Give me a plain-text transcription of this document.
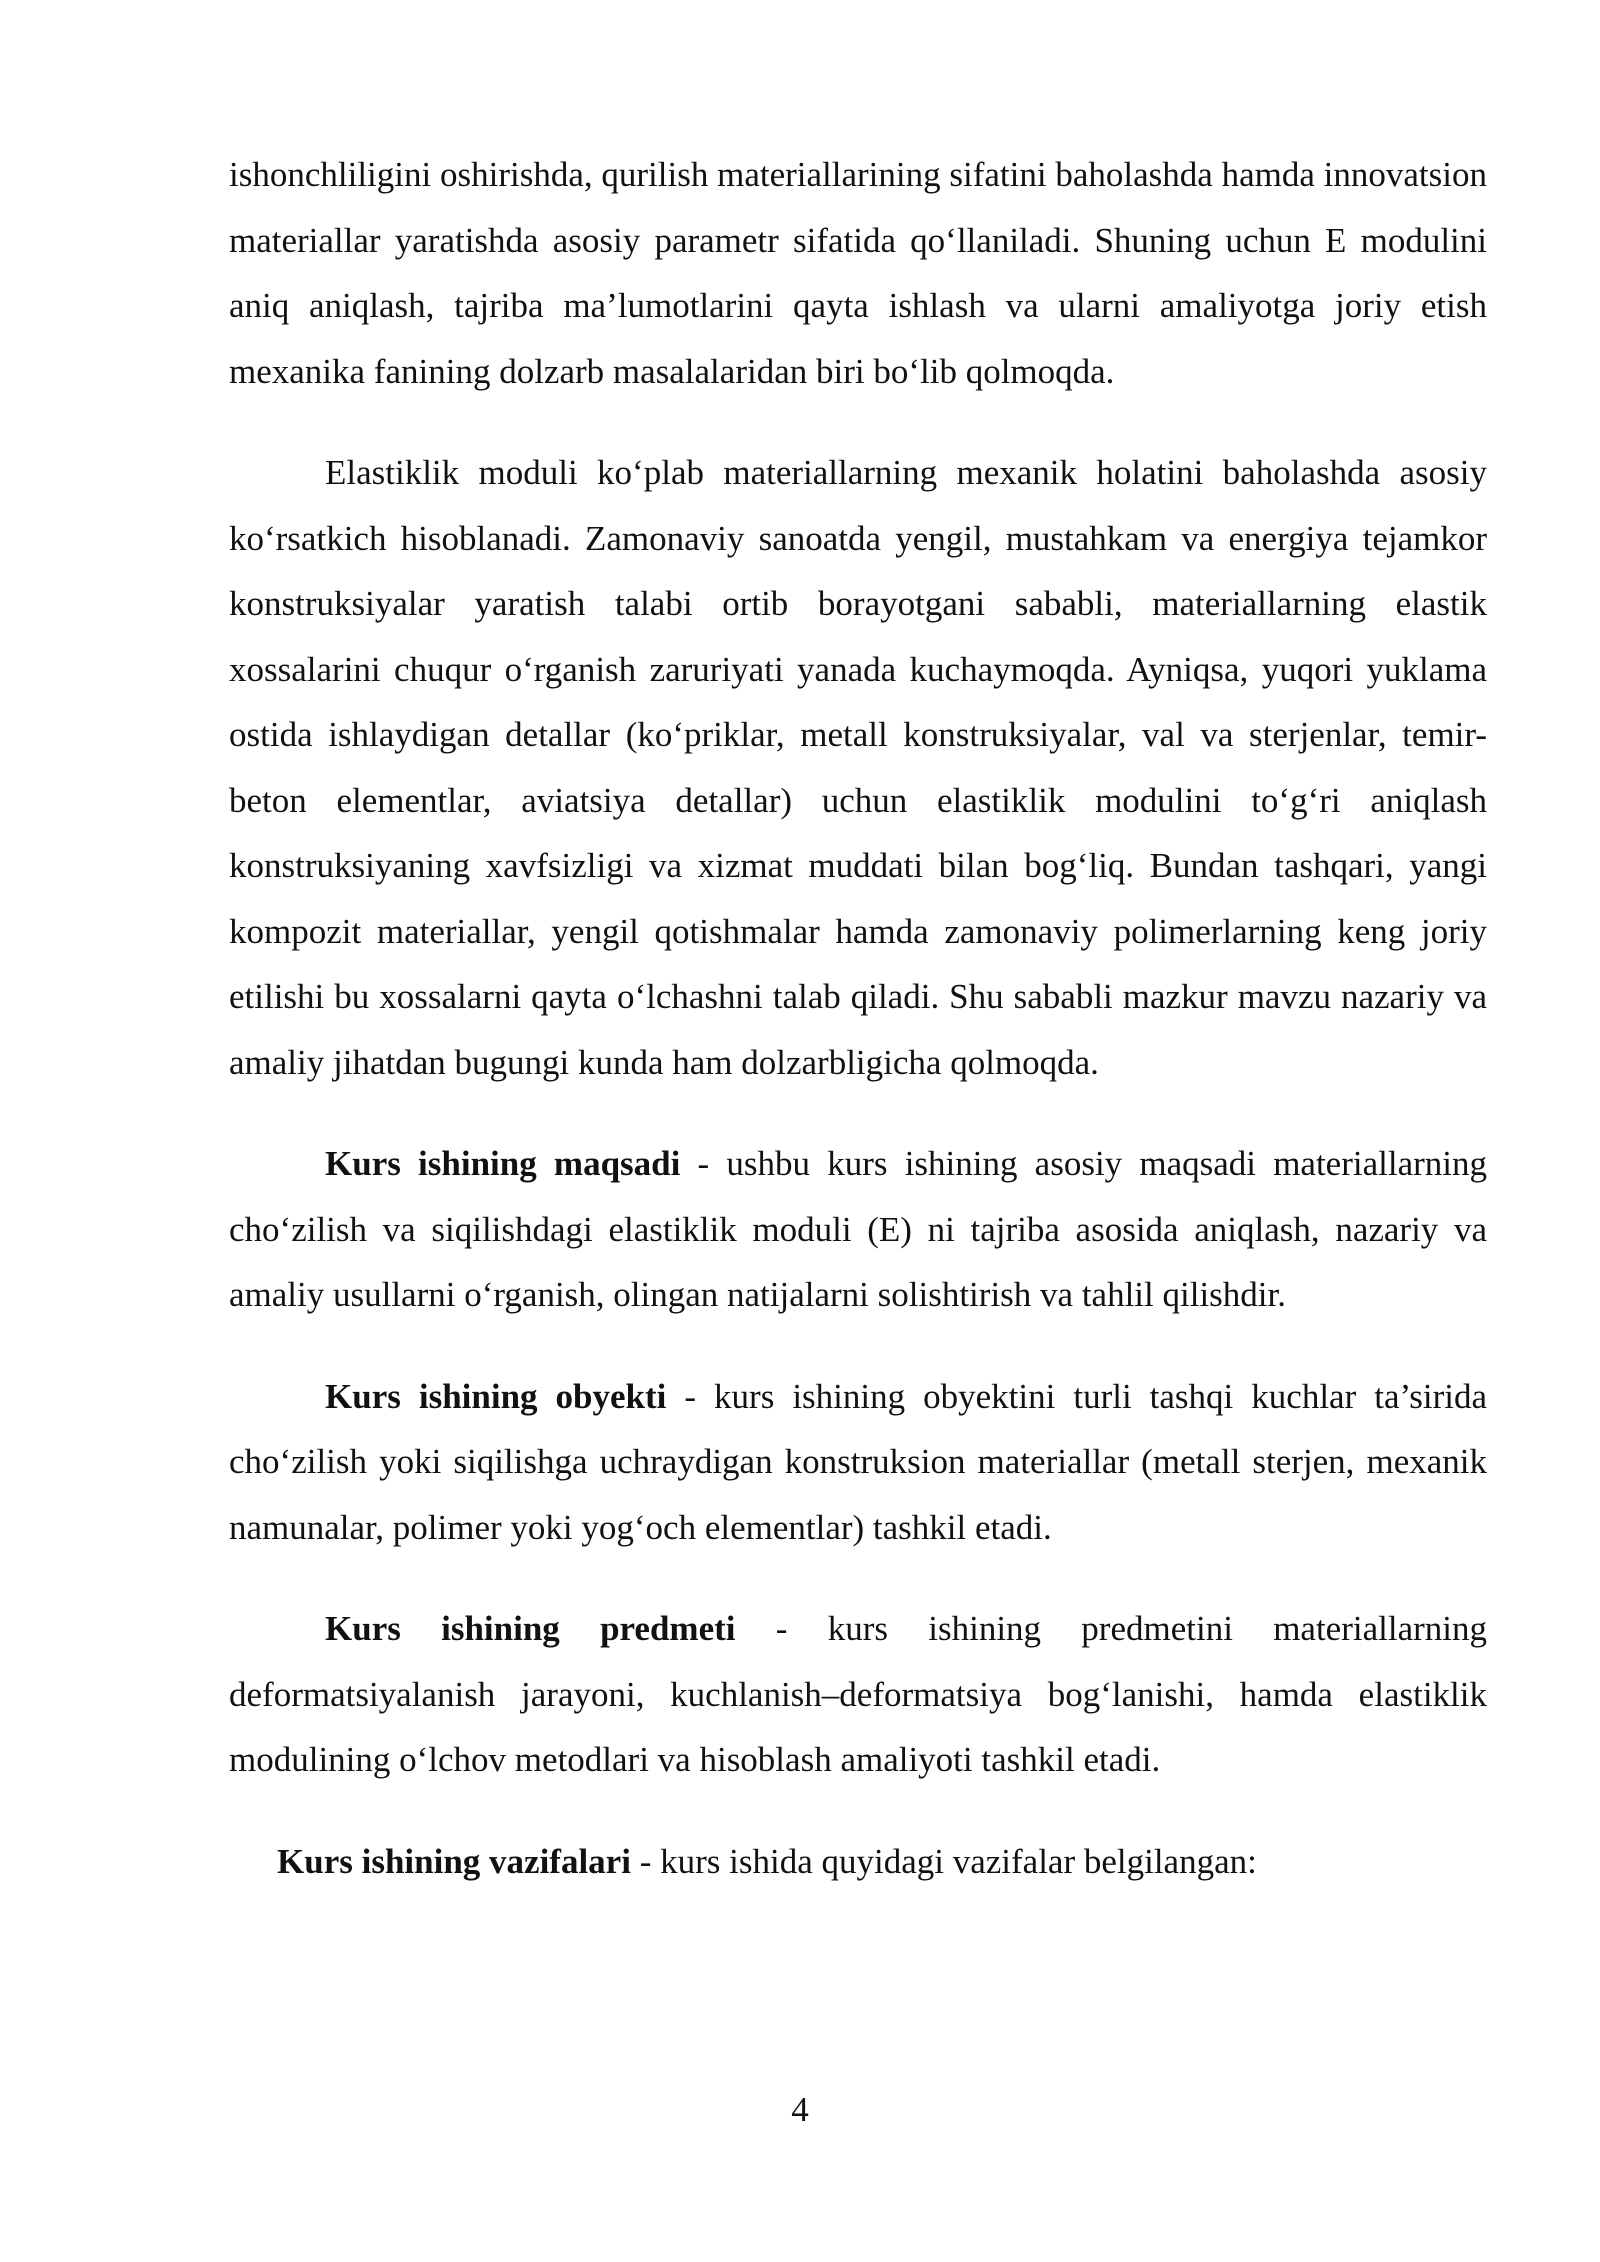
ishonchliligini oshirishda, qurilish materiallarining sifatini baholashda hamda innovatsion materiallar yaratishda asosiy parametr sifatida qo‘llaniladi. Shuning uchun E modulini aniq aniqlash, tajriba ma’lumotlarini qayta ishlash va ularni amaliyotga joriy etish mexanika fanining dolzarb masalalaridan biri bo‘lib qolmoqda.

Elastiklik moduli ko‘plab materiallarning mexanik holatini baholashda asosiy ko‘rsatkich hisoblanadi. Zamonaviy sanoatda yengil, mustahkam va energiya tejamkor konstruksiyalar yaratish talabi ortib borayotgani sababli, materiallarning elastik xossalarini chuqur o‘rganish zaruriyati yanada kuchaymoqda. Ayniqsa, yuqori yuklama ostida ishlaydigan detallar (ko‘priklar, metall konstruksiyalar, val va sterjenlar, temir-beton elementlar, aviatsiya detallar) uchun elastiklik modulini to‘g‘ri aniqlash konstruksiyaning xavfsizligi va xizmat muddati bilan bog‘liq. Bundan tashqari, yangi kompozit materiallar, yengil qotishmalar hamda zamonaviy polimerlarning keng joriy etilishi bu xossalarni qayta o‘lchashni talab qiladi. Shu sababli mazkur mavzu nazariy va amaliy jihatdan bugungi kunda ham dolzarbligicha qolmoqda.

Kurs ishining maqsadi - ushbu kurs ishining asosiy maqsadi materiallarning cho‘zilish va siqilishdagi elastiklik moduli (E) ni tajriba asosida aniqlash, nazariy va amaliy usullarni o‘rganish, olingan natijalarni solishtirish va tahlil qilishdir.

Kurs ishining obyekti - kurs ishining obyektini turli tashqi kuchlar ta’sirida cho‘zilish yoki siqilishga uchraydigan konstruksion materiallar (metall sterjen, mexanik namunalar, polimer yoki yog‘och elementlar) tashkil etadi.

Kurs ishining predmeti - kurs ishining predmetini materiallarning deformatsiyalanish jarayoni, kuchlanish–deformatsiya bog‘lanishi, hamda elastiklik modulining o‘lchov metodlari va hisoblash amaliyoti tashkil etadi.

Kurs ishining vazifalari - kurs ishida quyidagi vazifalar belgilangan:

4
